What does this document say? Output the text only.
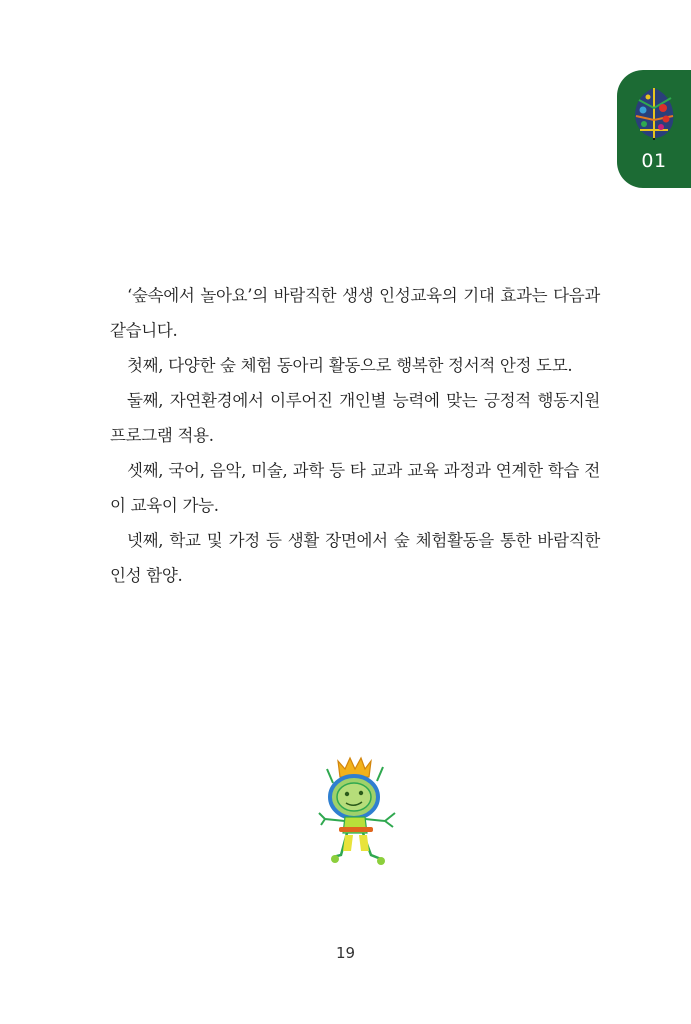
01

‘숲속에서 놀아요’의 바람직한 생생 인성교육의 기대 효과는 다음과 같습니다.

첫째, 다양한 숲 체험 동아리 활동으로 행복한 정서적 안정 도모.

둘째, 자연환경에서 이루어진 개인별 능력에 맞는 긍정적 행동지원 프로그램 적용.

셋째, 국어, 음악, 미술, 과학 등 타 교과 교육 과정과 연계한 학습 전이 교육이 가능.

넷째, 학교 및 가정 등 생활 장면에서 숲 체험활동을 통한 바람직한 인성 함양.

19
